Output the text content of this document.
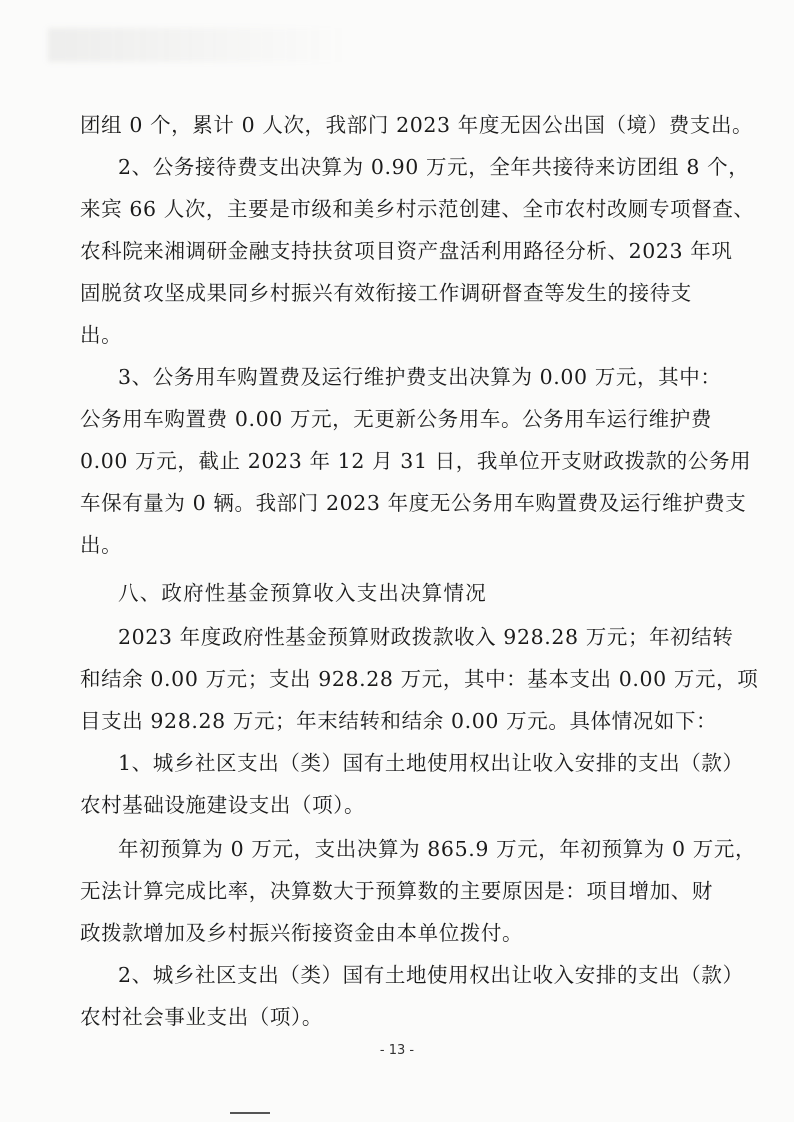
团组 0 个，累计 0 人次，我部门 2023 年度无因公出国（境）费支出。
2、公务接待费支出决算为 0.90 万元，全年共接待来访团组 8 个，
来宾 66 人次，主要是市级和美乡村示范创建、全市农村改厕专项督查、
农科院来湘调研金融支持扶贫项目资产盘活利用路径分析、2023 年巩
固脱贫攻坚成果同乡村振兴有效衔接工作调研督查等发生的接待支
出。
3、公务用车购置费及运行维护费支出决算为 0.00 万元，其中：
公务用车购置费 0.00 万元，无更新公务用车。公务用车运行维护费
0.00 万元，截止 2023 年 12 月 31 日，我单位开支财政拨款的公务用
车保有量为 0 辆。我部门 2023 年度无公务用车购置费及运行维护费支
出。
八、政府性基金预算收入支出决算情况
2023 年度政府性基金预算财政拨款收入 928.28 万元；年初结转
和结余 0.00 万元；支出 928.28 万元，其中：基本支出 0.00 万元，项
目支出 928.28 万元；年末结转和结余 0.00 万元。具体情况如下：
1、城乡社区支出（类）国有土地使用权出让收入安排的支出（款）
农村基础设施建设支出（项）。
年初预算为 0 万元，支出决算为 865.9 万元，年初预算为 0 万元，
无法计算完成比率，决算数大于预算数的主要原因是：项目增加、财
政拨款增加及乡村振兴衔接资金由本单位拨付。
2、城乡社区支出（类）国有土地使用权出让收入安排的支出（款）
农村社会事业支出（项）。
- 13 -
